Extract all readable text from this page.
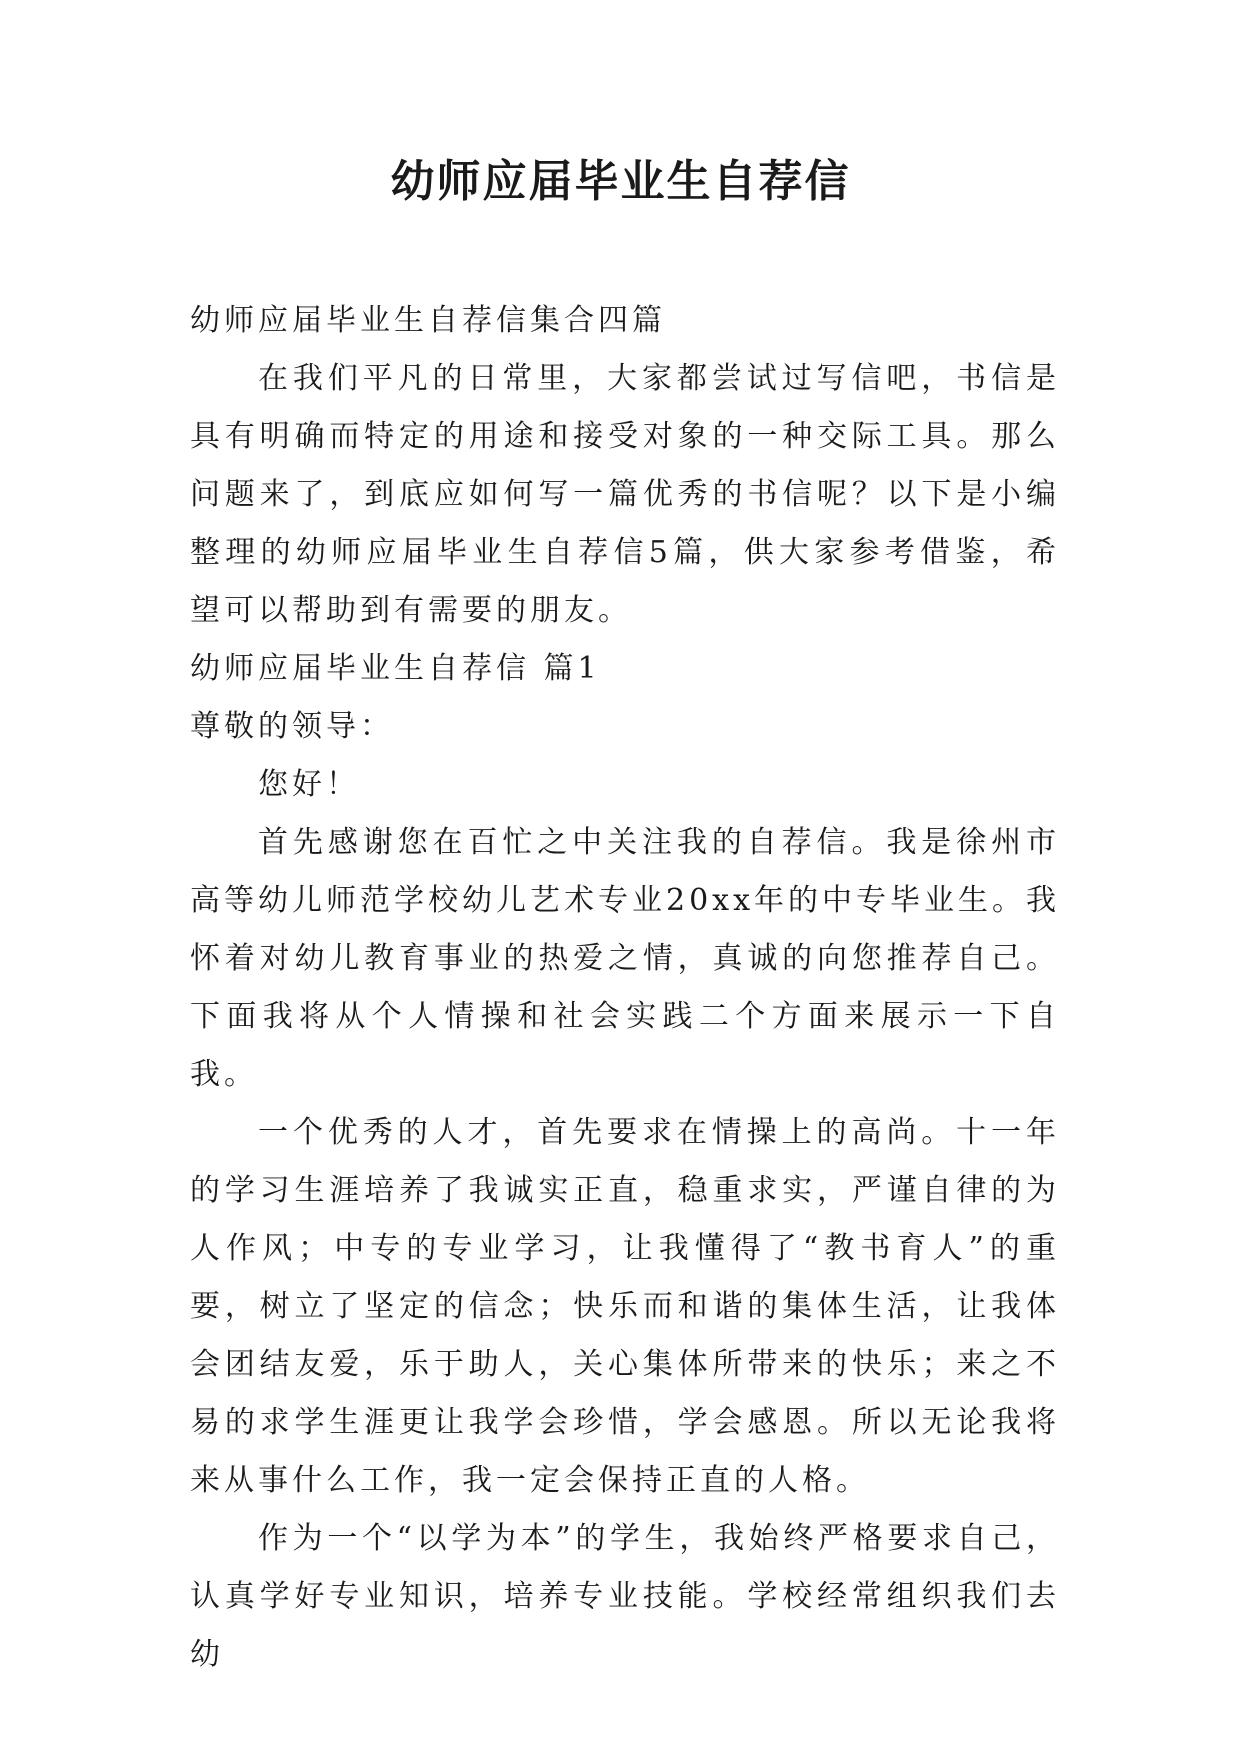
幼师应届毕业生自荐信

幼师应届毕业生自荐信集合四篇

在我们平凡的日常里，大家都尝试过写信吧，书信是具有明确而特定的用途和接受对象的一种交际工具。那么问题来了，到底应如何写一篇优秀的书信呢？以下是小编整理的幼师应届毕业生自荐信5篇，供大家参考借鉴，希望可以帮助到有需要的朋友。

幼师应届毕业生自荐信 篇1

尊敬的领导：

您好！

首先感谢您在百忙之中关注我的自荐信。我是徐州市高等幼儿师范学校幼儿艺术专业20xx年的中专毕业生。我怀着对幼儿教育事业的热爱之情，真诚的向您推荐自己。下面我将从个人情操和社会实践二个方面来展示一下自我。

一个优秀的人才，首先要求在情操上的高尚。十一年的学习生涯培养了我诚实正直，稳重求实，严谨自律的为人作风；中专的专业学习，让我懂得了“教书育人”的重要，树立了坚定的信念；快乐而和谐的集体生活，让我体会团结友爱，乐于助人，关心集体所带来的快乐；来之不易的求学生涯更让我学会珍惜，学会感恩。所以无论我将来从事什么工作，我一定会保持正直的人格。

作为一个“以学为本”的学生，我始终严格要求自己，认真学好专业知识，培养专业技能。学校经常组织我们去幼
